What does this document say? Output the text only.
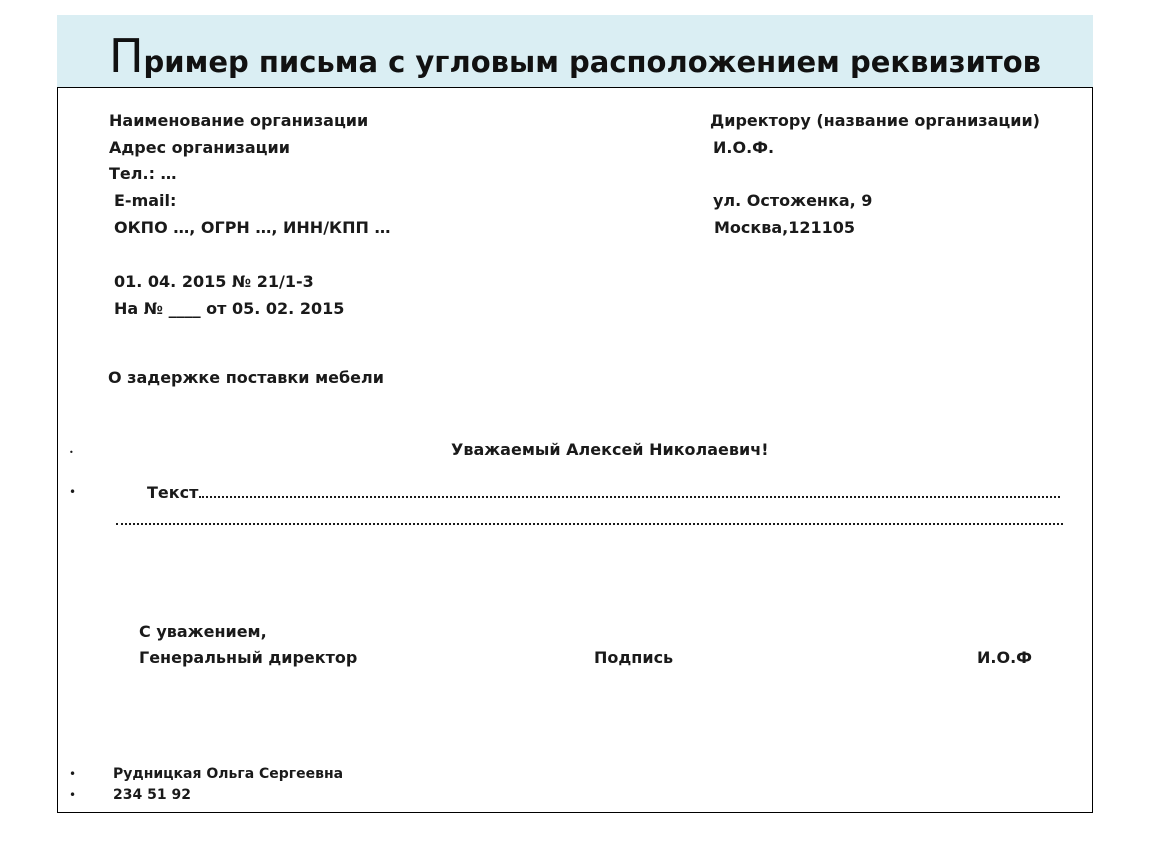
Пример письма с угловым расположением реквизитов
Наименование организации
Адрес организации
Тел.: …
E-mail:
ОКПО …, ОГРН …, ИНН/КПП …
Директору (название организации)
И.О.Ф.
ул. Остоженка, 9
Москва,121105
01. 04. 2015 № 21/1-3
На № ____ от 05. 02. 2015
О задержке поставки мебели
•	Уважаемый Алексей Николаевич!
•	Текст
С уважением,
Генеральный директор	Подпись	И.О.Ф
•	Рудницкая Ольга Сергеевна
•	234 51 92
